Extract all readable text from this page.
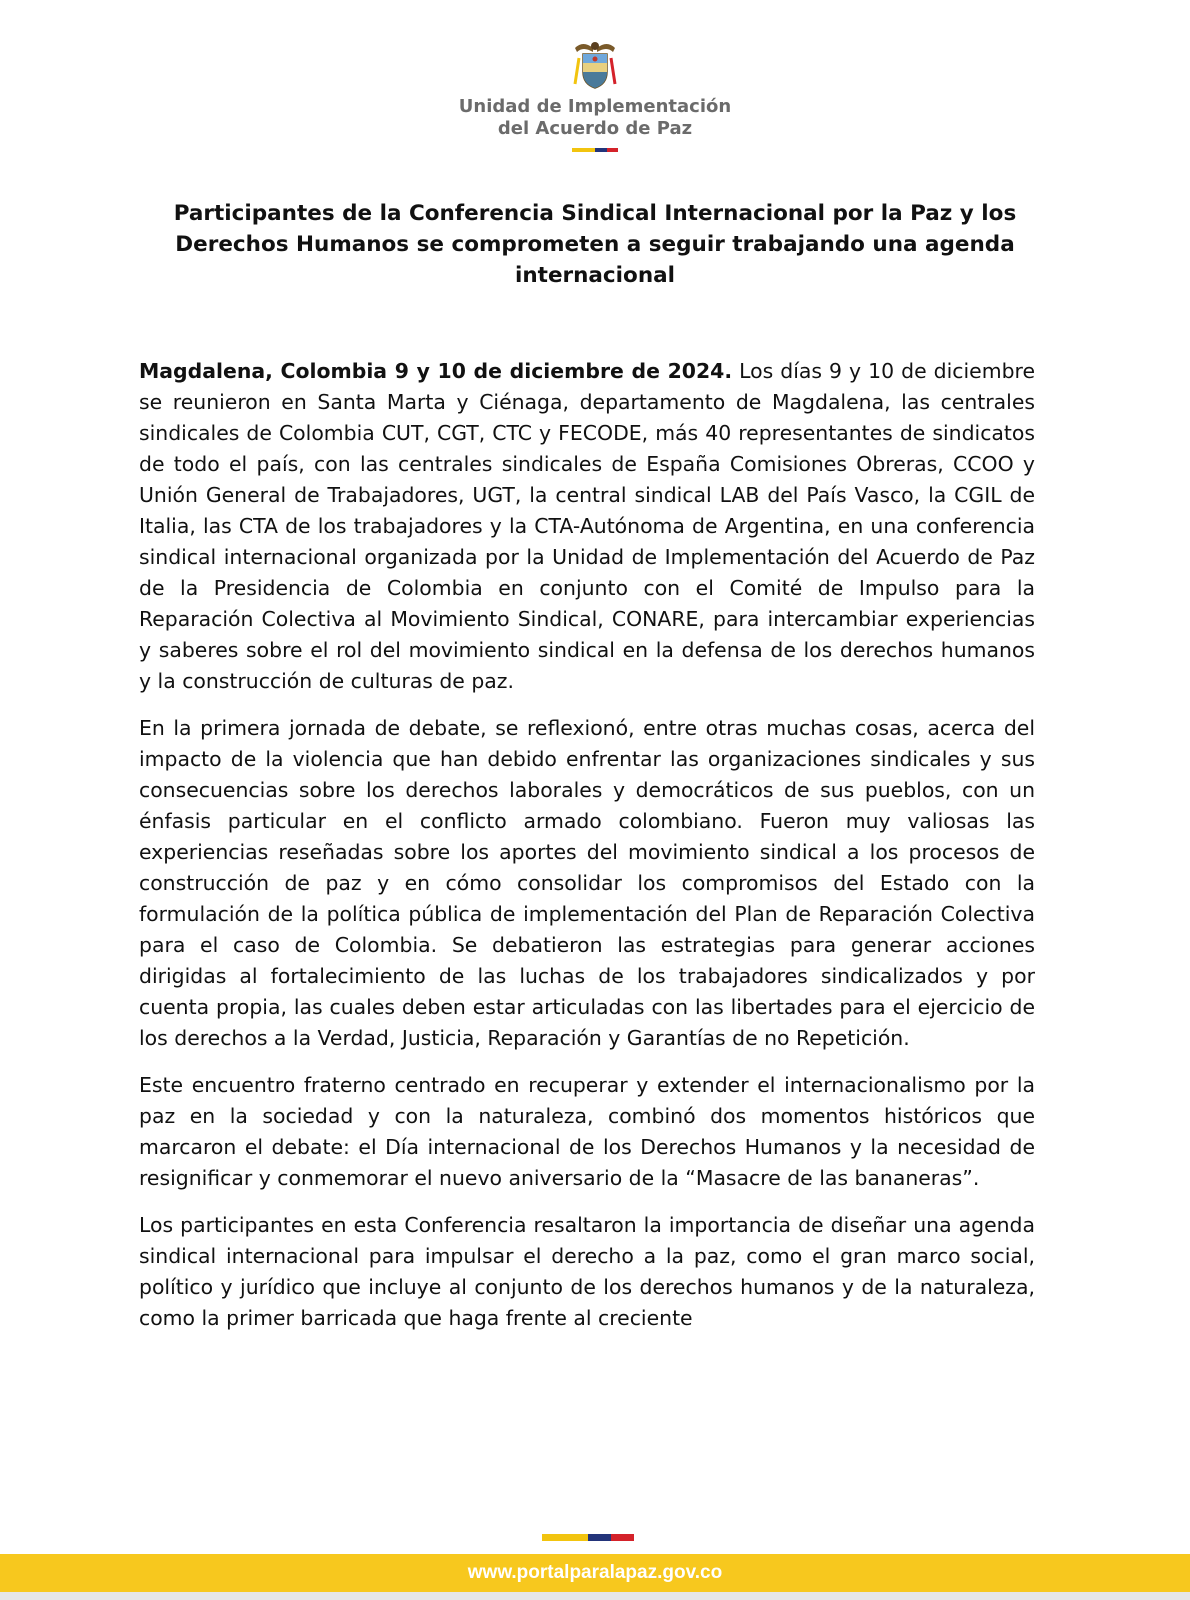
Unidad de Implementación
del Acuerdo de Paz
Participantes de la Conferencia Sindical Internacional por la Paz y los Derechos Humanos se comprometen a seguir trabajando una agenda internacional

Magdalena, Colombia 9 y 10 de diciembre de 2024. Los días 9 y 10 de diciembre se reunieron en Santa Marta y Ciénaga, departamento de Magdalena, las centrales sindicales de Colombia CUT, CGT, CTC y FECODE, más 40 representantes de sindicatos de todo el país, con las centrales sindicales de España Comisiones Obreras, CCOO y Unión General de Trabajadores, UGT, la central sindical LAB del País Vasco, la CGIL de Italia, las CTA de los trabajadores y la CTA-Autónoma de Argentina, en una conferencia sindical internacional organizada por la Unidad de Implementación del Acuerdo de Paz de la Presidencia de Colombia en conjunto con el Comité de Impulso para la Reparación Colectiva al Movimiento Sindical, CONARE, para intercambiar experiencias y saberes sobre el rol del movimiento sindical en la defensa de los derechos humanos y la construcción de culturas de paz.

En la primera jornada de debate, se reflexionó, entre otras muchas cosas, acerca del impacto de la violencia que han debido enfrentar las organizaciones sindicales y sus consecuencias sobre los derechos laborales y democráticos de sus pueblos, con un énfasis particular en el conflicto armado colombiano. Fueron muy valiosas las experiencias reseñadas sobre los aportes del movimiento sindical a los procesos de construcción de paz y en cómo consolidar los compromisos del Estado con la formulación de la política pública de implementación del Plan de Reparación Colectiva para el caso de Colombia. Se debatieron las estrategias para generar acciones dirigidas al fortalecimiento de las luchas de los trabajadores sindicalizados y por cuenta propia, las cuales deben estar articuladas con las libertades para el ejercicio de los derechos a la Verdad, Justicia, Reparación y Garantías de no Repetición.

Este encuentro fraterno centrado en recuperar y extender el internacionalismo por la paz en la sociedad y con la naturaleza, combinó dos momentos históricos que marcaron el debate: el Día internacional de los Derechos Humanos y la necesidad de resignificar y conmemorar el nuevo aniversario de la “Masacre de las bananeras”.

Los participantes en esta Conferencia resaltaron la importancia de diseñar una agenda sindical internacional para impulsar el derecho a la paz, como el gran marco social, político y jurídico que incluye al conjunto de los derechos humanos y de la naturaleza, como la primer barricada que haga frente al creciente

www.portalparalapaz.gov.co
